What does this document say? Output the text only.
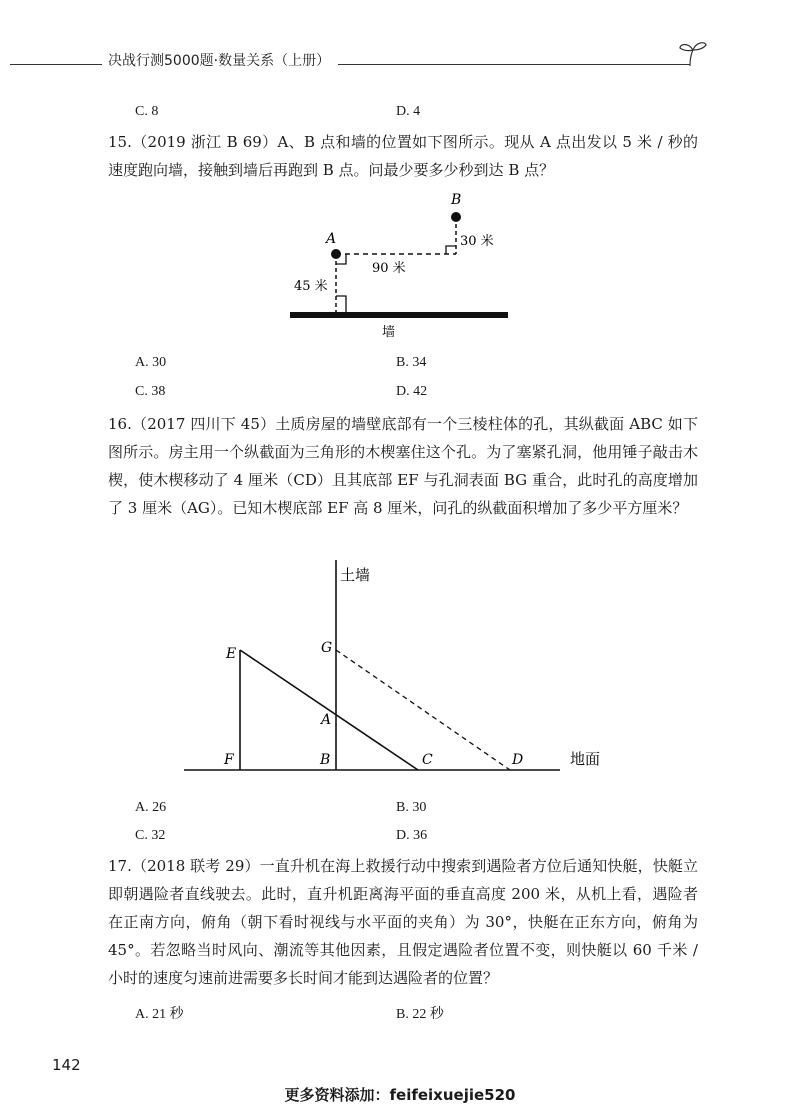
决战行测5000题·数量关系（上册）
C. 8	D. 4
15.（2019 浙江 B 69）A、B 点和墙的位置如下图所示。现从 A 点出发以 5 米 / 秒的速度跑向墙，接触到墙后再跑到 B 点。问最少要多少秒到达 B 点？
B
30 米
90 米
A
45 米
墙
A. 30	B. 34
C. 38	D. 42
16.（2017 四川下 45）土质房屋的墙壁底部有一个三棱柱体的孔，其纵截面 ABC 如下图所示。房主用一个纵截面为三角形的木楔塞住这个孔。为了塞紧孔洞，他用锤子敲击木楔，使木楔移动了 4 厘米（CD）且其底部 EF 与孔洞表面 BG 重合，此时孔的高度增加了 3 厘米（AG）。已知木楔底部 EF 高 8 厘米，问孔的纵截面积增加了多少平方厘米？
土墙
地面
E	G
A
F	B	C	D
A. 26	B. 30
C. 32	D. 36
17.（2018 联考 29）一直升机在海上救援行动中搜索到遇险者方位后通知快艇，快艇立即朝遇险者直线驶去。此时，直升机距离海平面的垂直高度 200 米，从机上看，遇险者在正南方向，俯角（朝下看时视线与水平面的夹角）为 30°，快艇在正东方向，俯角为 45°。若忽略当时风向、潮流等其他因素，且假定遇险者位置不变，则快艇以 60 千米 / 小时的速度匀速前进需要多长时间才能到达遇险者的位置？
A. 21 秒	B. 22 秒
142
更多资料添加：feifeixuejie520
